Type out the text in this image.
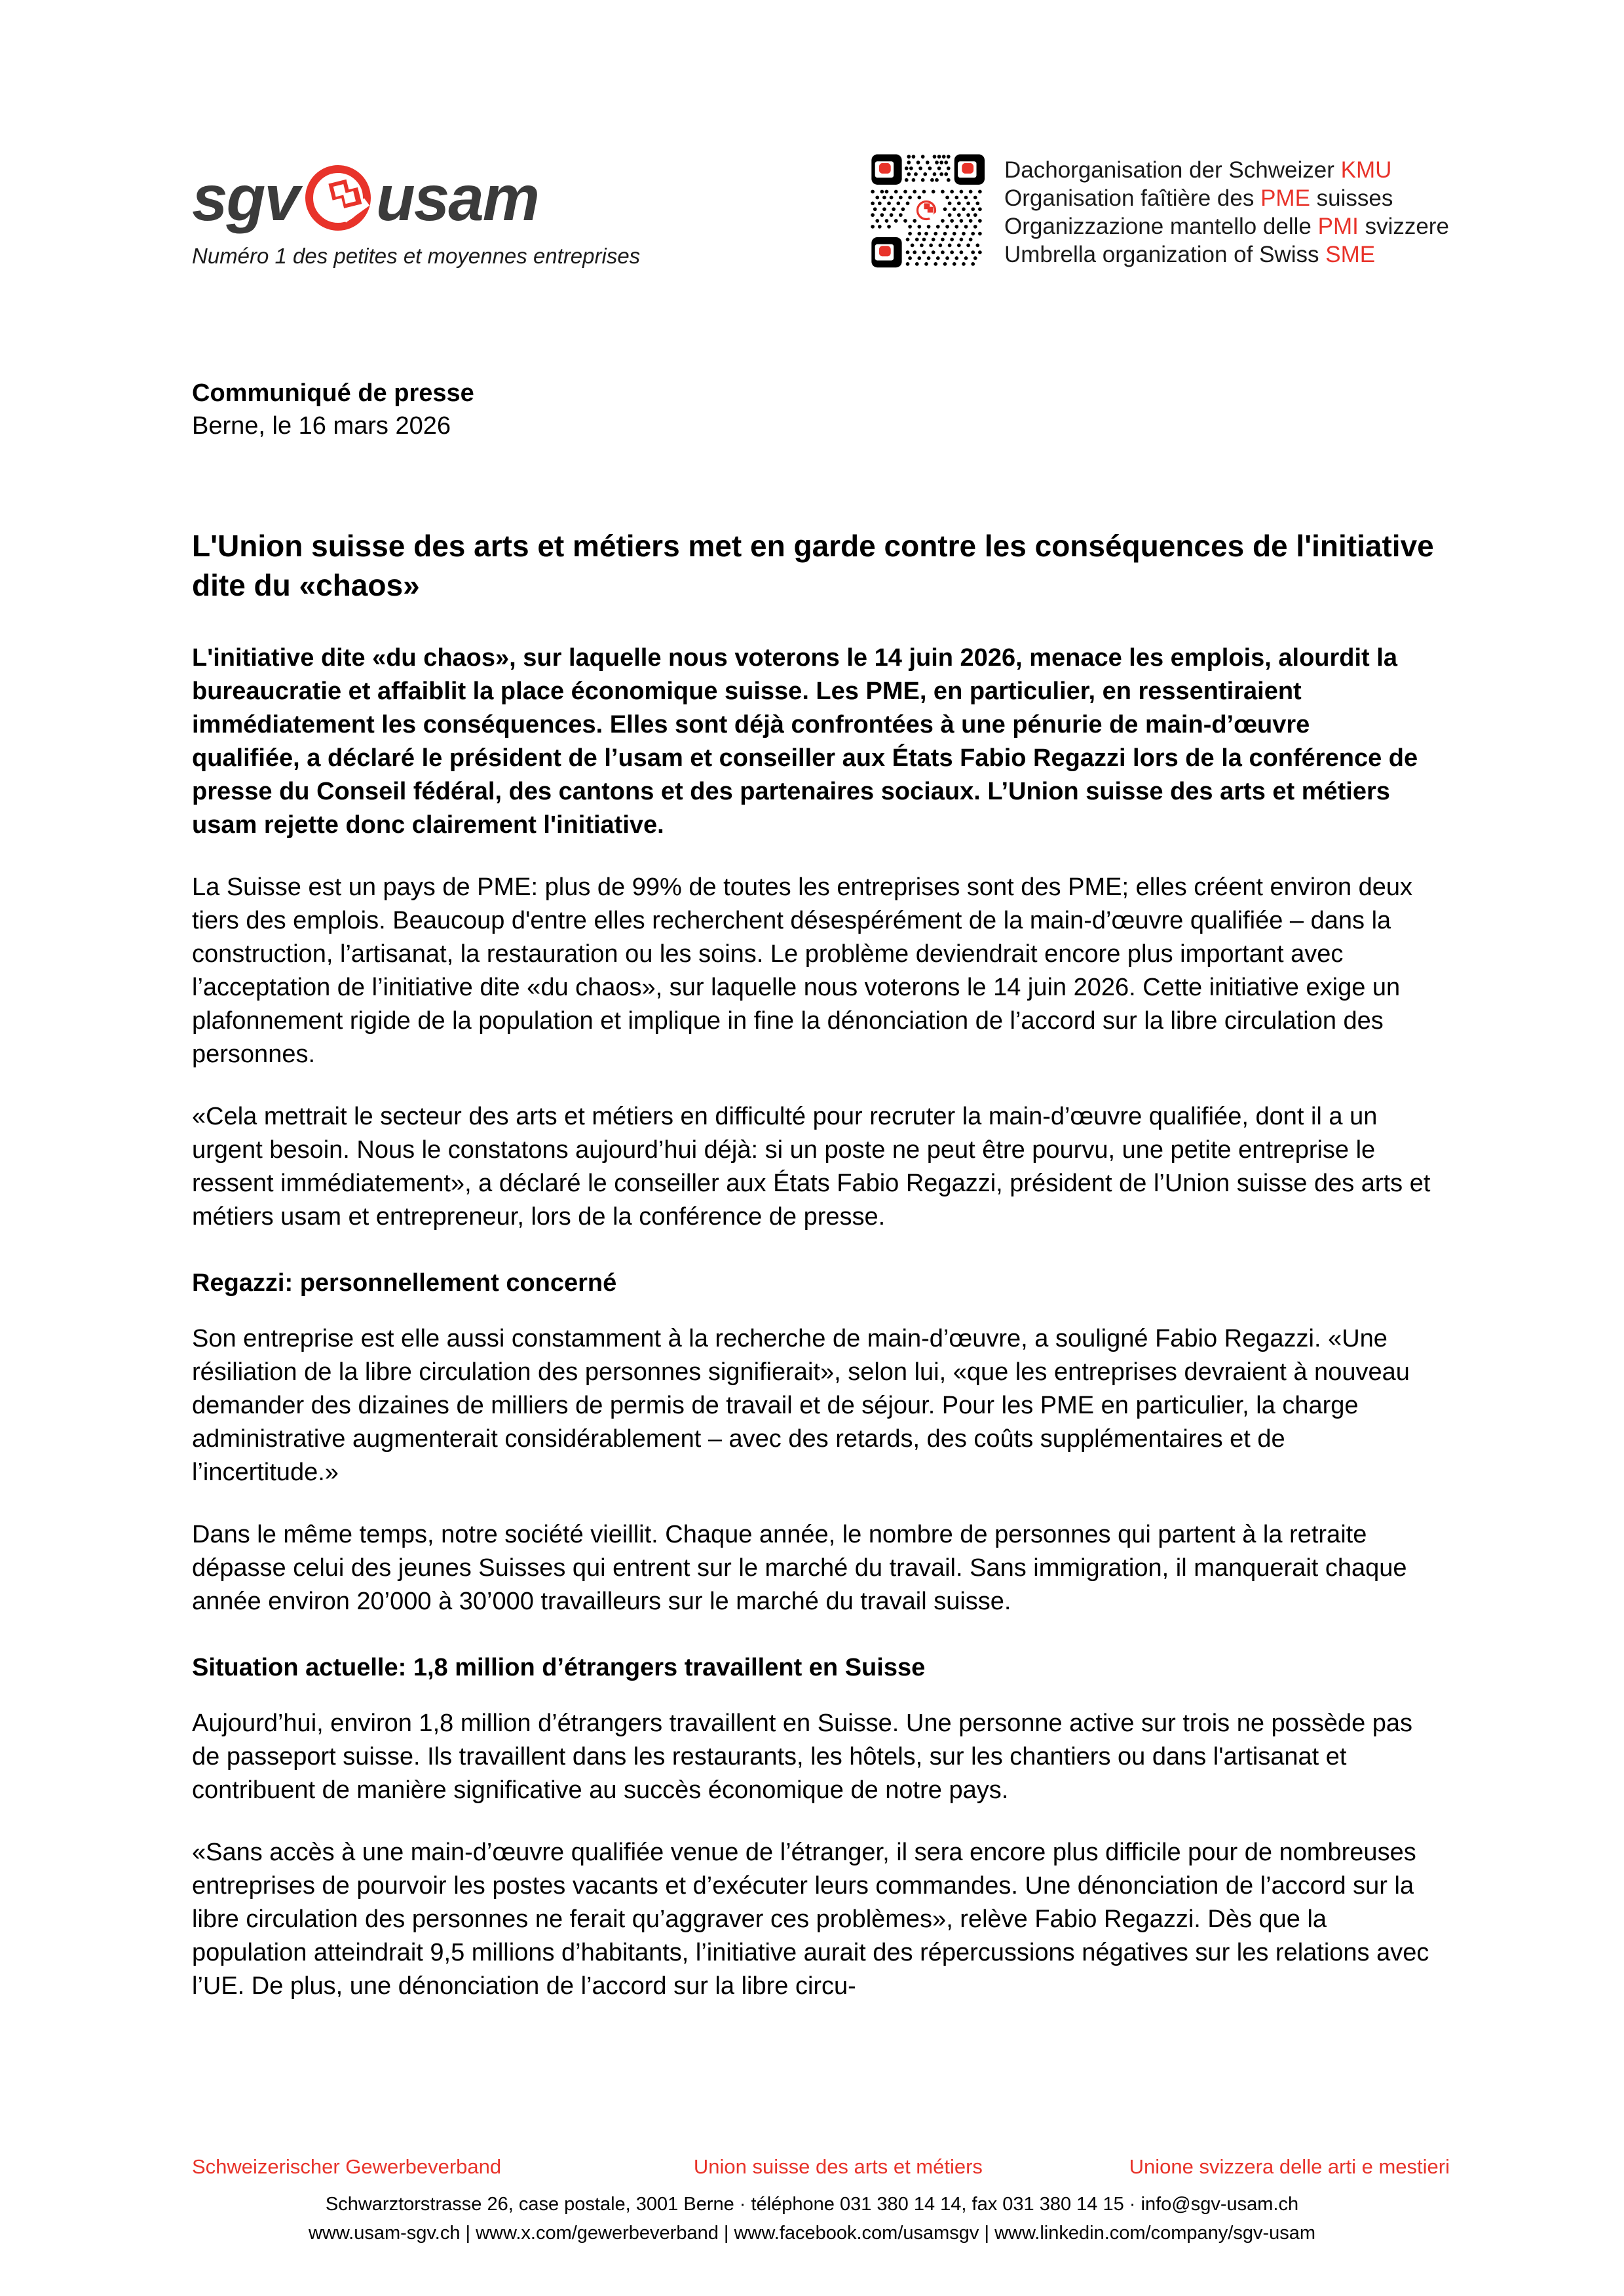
sgv usam
Numéro 1 des petites et moyennes entreprises
Dachorganisation der Schweizer KMU
Organisation faîtière des PME suisses
Organizzazione mantello delle PMI svizzere
Umbrella organization of Swiss SME
Communiqué de presse
Berne, le 16 mars 2026
L'Union suisse des arts et métiers met en garde contre les conséquences de l'initiative dite du «chaos»
L'initiative dite «du chaos», sur laquelle nous voterons le 14 juin 2026, menace les emplois, alourdit la bureaucratie et affaiblit la place économique suisse. Les PME, en particulier, en ressentiraient immédiatement les conséquences. Elles sont déjà confrontées à une pénurie de main-d’œuvre qualifiée, a déclaré le président de l’usam et conseiller aux États Fabio Regazzi lors de la conférence de presse du Conseil fédéral, des cantons et des partenaires sociaux. L’Union suisse des arts et métiers usam rejette donc clairement l'initiative.

La Suisse est un pays de PME: plus de 99% de toutes les entreprises sont des PME; elles créent environ deux tiers des emplois. Beaucoup d'entre elles recherchent désespérément de la main-d’œuvre qualifiée – dans la construction, l’artisanat, la restauration ou les soins. Le problème deviendrait encore plus important avec l’acceptation de l’initiative dite «du chaos», sur laquelle nous voterons le 14 juin 2026. Cette initiative exige un plafonnement rigide de la population et implique in fine la dénonciation de l’accord sur la libre circulation des personnes.

«Cela mettrait le secteur des arts et métiers en difficulté pour recruter la main-d’œuvre qualifiée, dont il a un urgent besoin. Nous le constatons aujourd’hui déjà: si un poste ne peut être pourvu, une petite entreprise le ressent immédiatement», a déclaré le conseiller aux États Fabio Regazzi, président de l’Union suisse des arts et métiers usam et entrepreneur, lors de la conférence de presse.

Regazzi: personnellement concerné

Son entreprise est elle aussi constamment à la recherche de main-d’œuvre, a souligné Fabio Regazzi. «Une résiliation de la libre circulation des personnes signifierait», selon lui, «que les entreprises devraient à nouveau demander des dizaines de milliers de permis de travail et de séjour. Pour les PME en particulier, la charge administrative augmenterait considérablement – avec des retards, des coûts supplémentaires et de l’incertitude.»

Dans le même temps, notre société vieillit. Chaque année, le nombre de personnes qui partent à la retraite dépasse celui des jeunes Suisses qui entrent sur le marché du travail. Sans immigration, il manquerait chaque année environ 20’000 à 30’000 travailleurs sur le marché du travail suisse.

Situation actuelle: 1,8 million d’étrangers travaillent en Suisse

Aujourd’hui, environ 1,8 million d’étrangers travaillent en Suisse. Une personne active sur trois ne possède pas de passeport suisse. Ils travaillent dans les restaurants, les hôtels, sur les chantiers ou dans l'artisanat et contribuent de manière significative au succès économique de notre pays.

«Sans accès à une main-d’œuvre qualifiée venue de l’étranger, il sera encore plus difficile pour de nombreuses entreprises de pourvoir les postes vacants et d’exécuter leurs commandes. Une dénonciation de l’accord sur la libre circulation des personnes ne ferait qu’aggraver ces problèmes», relève Fabio Regazzi. Dès que la population atteindrait 9,5 millions d’habitants, l’initiative aurait des répercussions négatives sur les relations avec l’UE. De plus, une dénonciation de l’accord sur la libre circu-

Schweizerischer Gewerbeverband	Union suisse des arts et métiers	Unione svizzera delle arti e mestieri
Schwarztorstrasse 26, case postale, 3001 Berne · téléphone 031 380 14 14, fax 031 380 14 15 · info@sgv-usam.ch
www.usam-sgv.ch | www.x.com/gewerbeverband | www.facebook.com/usamsgv | www.linkedin.com/company/sgv-usam
